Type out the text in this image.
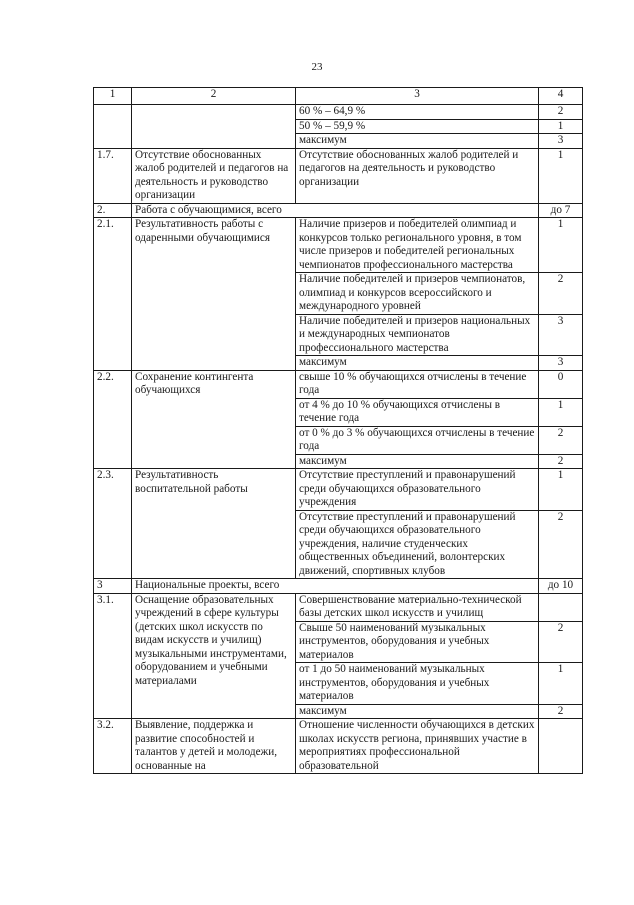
23
1	2	3	4
		60 % – 64,9 %	2
		50 % – 59,9 %	1
		максимум	3
1.7.	Отсутствие обоснованных жалоб родителей и педагогов на деятельность и руководство организации	Отсутствие обоснованных жалоб родителей и педагогов на деятельность и руководство организации	1
2.	Работа с обучающимися, всего		до 7
2.1.	Результативность работы с одаренными обучающимися	Наличие призеров и победителей олимпиад и конкурсов только регионального уровня, в том числе призеров и победителей региональных чемпионатов профессионального мастерства	1
		Наличие победителей и призеров чемпионатов, олимпиад и конкурсов всероссийского и международного уровней	2
		Наличие победителей и призеров национальных и международных чемпионатов профессионального мастерства	3
		максимум	3
2.2.	Сохранение контингента обучающихся	свыше 10 % обучающихся отчислены в течение года	0
		от 4 % до 10 % обучающихся отчислены в течение года	1
		от 0 % до 3 % обучающихся отчислены в течение года	2
		максимум	2
2.3.	Результативность воспитательной работы	Отсутствие преступлений и правонарушений среди обучающихся образовательного учреждения	1
		Отсутствие преступлений и правонарушений среди обучающихся образовательного учреждения, наличие студенческих общественных объединений, волонтерских движений, спортивных клубов	2
3	Национальные проекты, всего		до 10
3.1.	Оснащение образовательных учреждений в сфере культуры (детских школ искусств по видам искусств и училищ) музыкальными инструментами, оборудованием и учебными материалами	Совершенствование материально-технической базы детских школ искусств и училищ	
		Свыше 50 наименований музыкальных инструментов, оборудования и учебных материалов	2
		от 1 до 50 наименований музыкальных инструментов, оборудования и учебных материалов	1
		максимум	2
3.2.	Выявление, поддержка и развитие способностей и талантов у детей и молодежи, основанные на	Отношение численности обучающихся в детских школах искусств региона, принявших участие в мероприятиях профессиональной образовательной	
